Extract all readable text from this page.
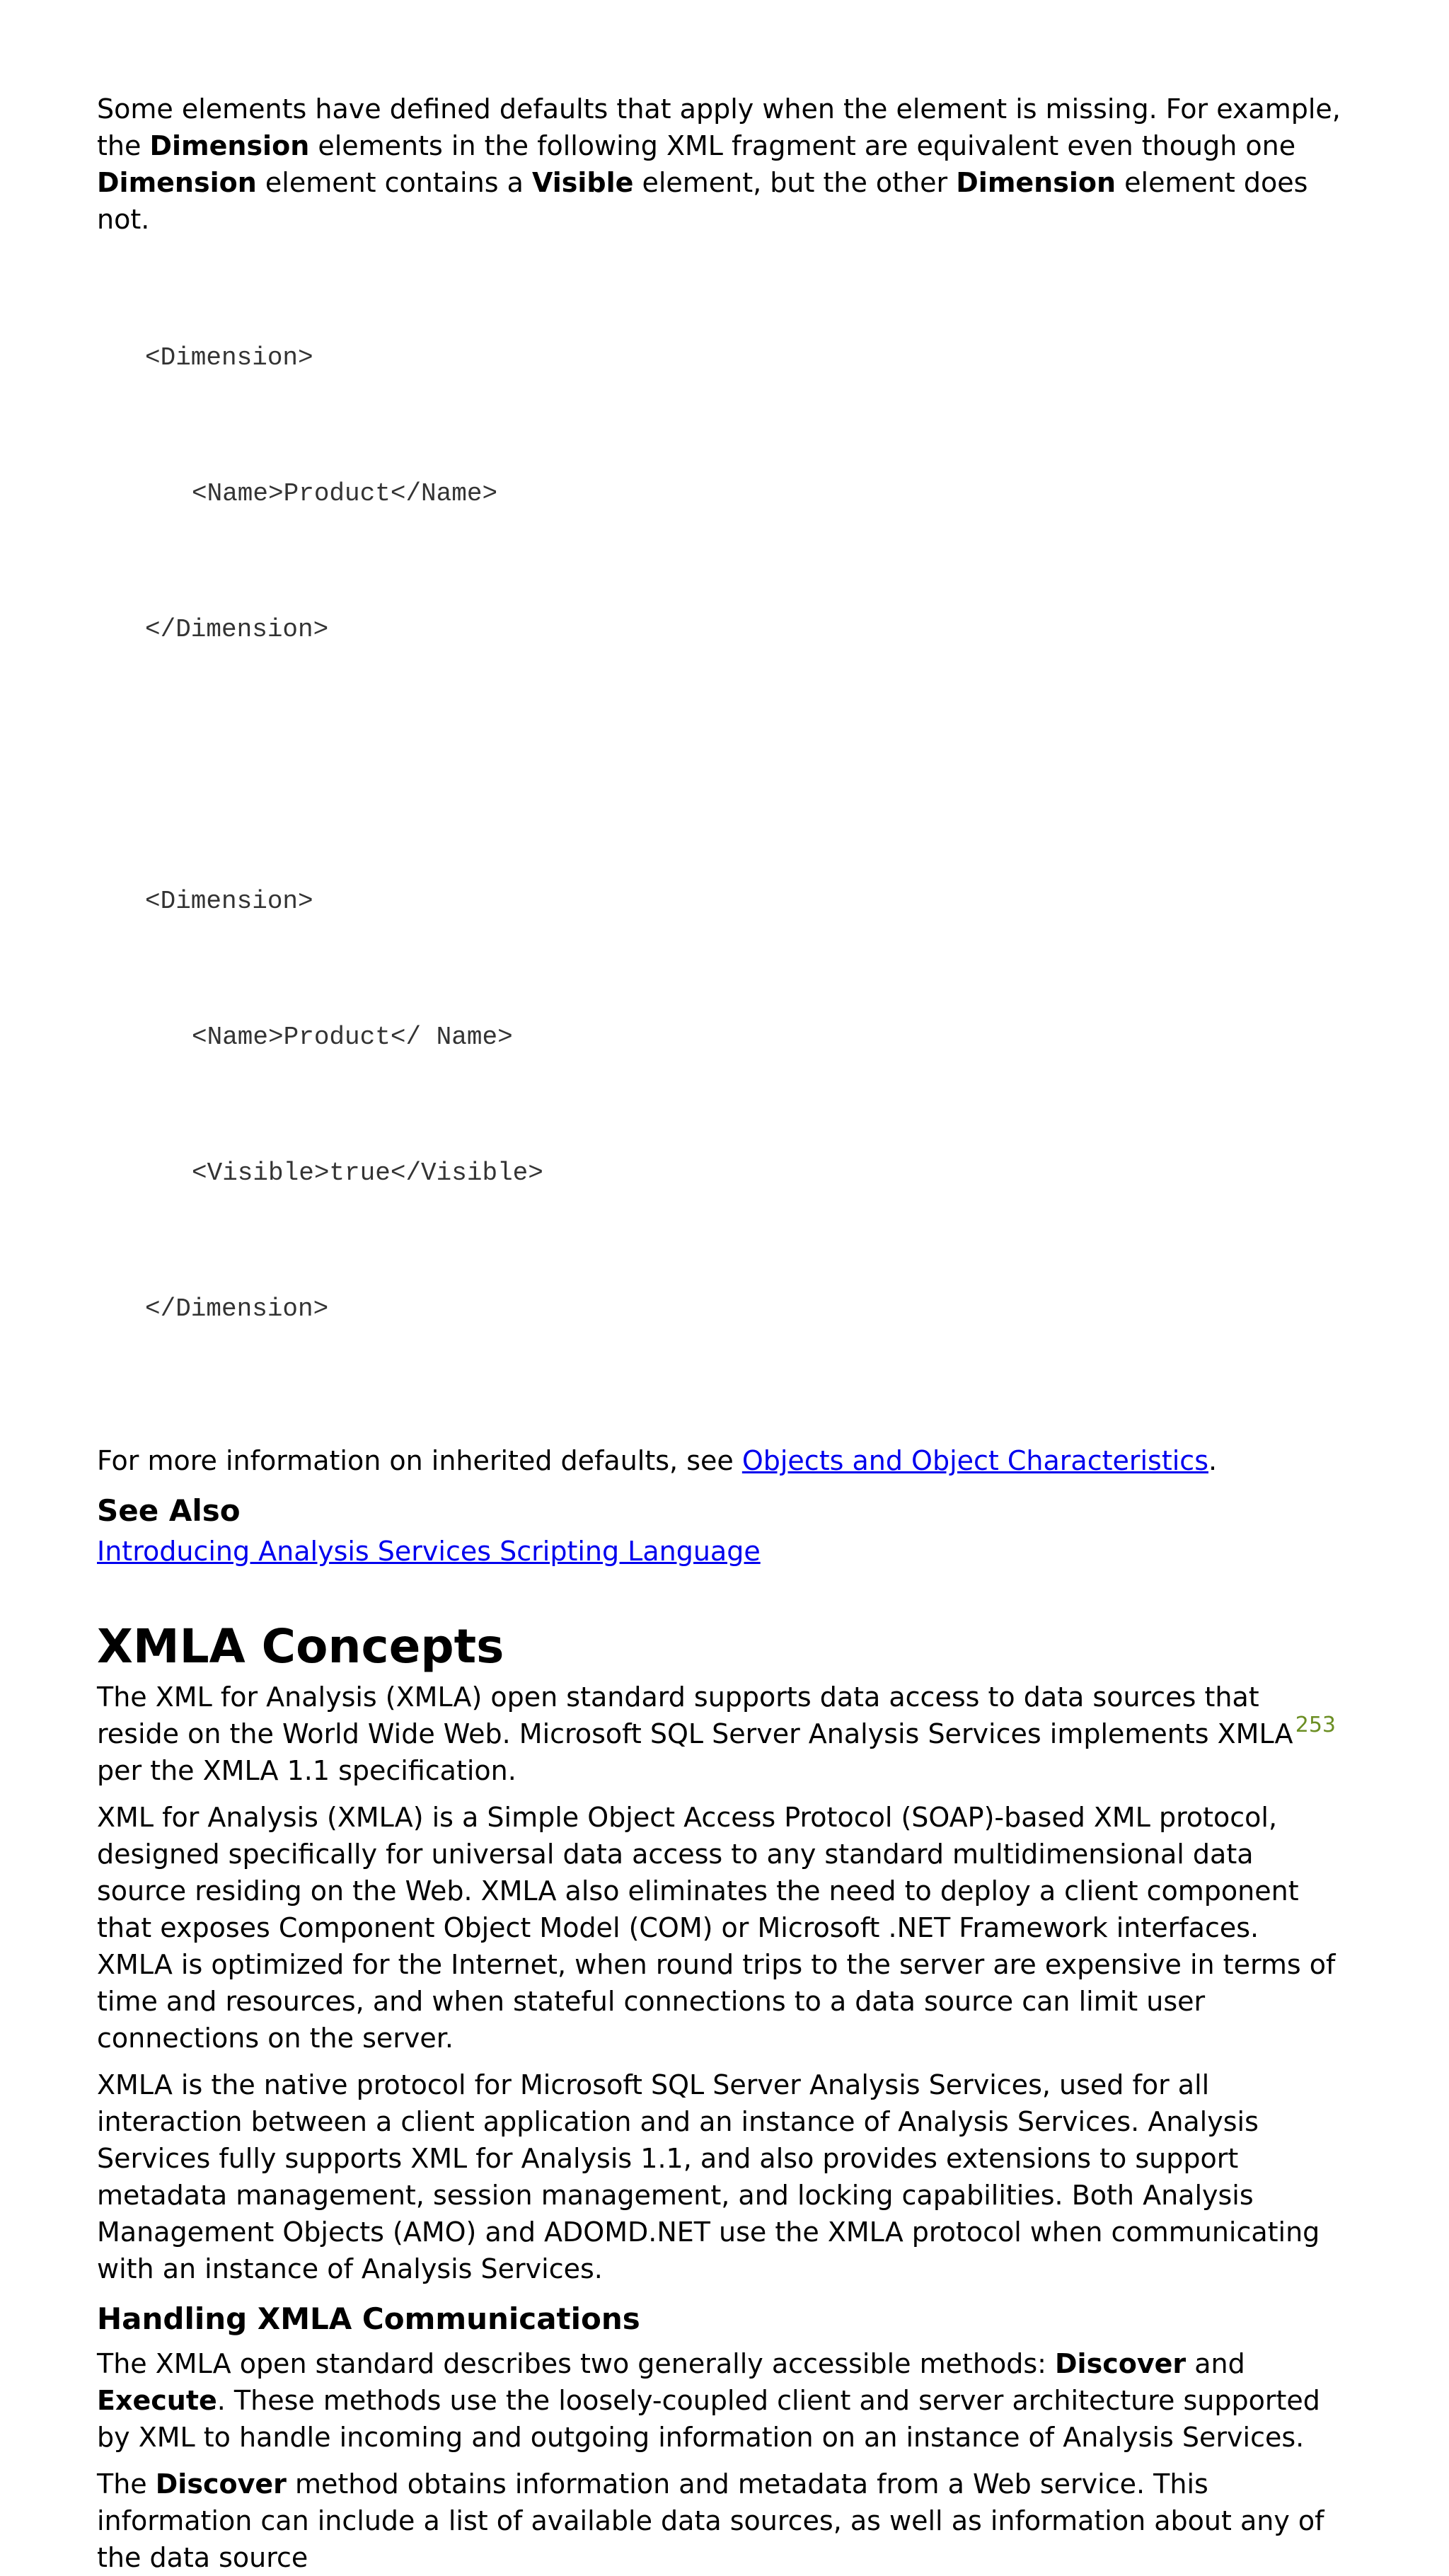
Some elements have defined defaults that apply when the element is missing. For example, the Dimension elements in the following XML fragment are equivalent even though one Dimension element contains a Visible element, but the other Dimension element does not.

<Dimension>

<Name>Product</Name>

</Dimension>

<Dimension>

<Name>Product</ Name>

<Visible>true</Visible>

</Dimension>

For more information on inherited defaults, see Objects and Object Characteristics.

See Also

Introducing Analysis Services Scripting Language

XMLA Concepts

The XML for Analysis (XMLA) open standard supports data access to data sources that reside on the World Wide Web. Microsoft SQL Server Analysis Services implements XMLA per the XMLA 1.1 specification.

XML for Analysis (XMLA) is a Simple Object Access Protocol (SOAP)-based XML protocol, designed specifically for universal data access to any standard multidimensional data source residing on the Web. XMLA also eliminates the need to deploy a client component that exposes Component Object Model (COM) or Microsoft .NET Framework interfaces. XMLA is optimized for the Internet, when round trips to the server are expensive in terms of time and resources, and when stateful connections to a data source can limit user connections on the server.

XMLA is the native protocol for Microsoft SQL Server Analysis Services, used for all interaction between a client application and an instance of Analysis Services. Analysis Services fully supports XML for Analysis 1.1, and also provides extensions to support metadata management, session management, and locking capabilities. Both Analysis Management Objects (AMO) and ADOMD.NET use the XMLA protocol when communicating with an instance of Analysis Services.

Handling XMLA Communications

The XMLA open standard describes two generally accessible methods: Discover and Execute. These methods use the loosely-coupled client and server architecture supported by XML to handle incoming and outgoing information on an instance of Analysis Services.

The Discover method obtains information and metadata from a Web service. This information can include a list of available data sources, as well as information about any of the data source

253
